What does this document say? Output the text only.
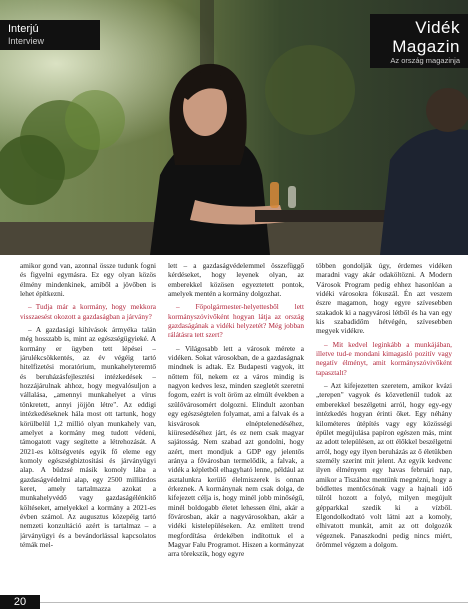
Interjú
Interview
Vidék
Magazin
Az ország magazinja

amikor gond van, azonnal össze tudunk fogni és figyelni egymásra. Ez egy olyan közös élmény mindenkinek, amiből a jövőben is lehet építkezni.

– Tudja már a kormány, hogy mekkora visszaesést okozott a gazdaságban a járvány?

– A gazdasági kihívások ármyéka talán még hosszabb is, mint az egészségügyieké. A kormány er ügyben tett lépései – járulékcsökkentés, az év végéig tartó hitelfizetési moratórium, munkahelyteremtő és beruházásfejlesztési intézkedések – hozzájárulnak ahhoz, hogy megvalósuljon a vállalása, „amennyi munkahelyet a vírus tönkretett, annyi jöjjön létre". Az eddigi intézkedéseknek hála most ott tartunk, hogy körülbelül 1,2 millió olyan munkahely van, amelyet a kormány meg tudott védeni, támogatott vagy segítette a létrehozását. A 2021-es költségvetés egyik fő eleme egy komoly egészségbiztosítási és járványügyi alap. A büdzsé másik komoly lába a gazdaságvédelmi alap, egy 2500 milliárdos keret, amely tartalmazza azokat a munkahelyvédő vagy gazdaságélénkítő költéseket, amelyekkel a kormány a 2021-es évben számol. Az augusztus közepéig tartó nemzeti konzultáció azért is tartalmaz – a járványügyi és a bevándorlással kapcsolatos témák mel-

lett – a gazdaságvédelemmel összefüggő kérdéseket, hogy leyenek olyan, az emberekkel közösen egyeztetett pontok, amelyek mentén a kormány dolgozhat.

– Főpolgármester-helyettesből lett kormányszóvivőként hogyan látja az ország gazdaságának a vidéki helyzetét? Még jobban rálátásra tett szert?

– Világosabb lett a városok mérete a vidéken. Sokat városokban, de a gazdaságnak mindnek is adtak. Ez Budapesti vagyok, itt nőttem föl, nekem ez a város mindig is nagyon kedves lesz, minden szegletét szeretni fogom, ezért is volt öröm az elmúlt években a szülővárosomért dolgozni. Elindult azonban egy egészségtelen folyamat, ami a falvak és a kisvárosok elnéptelenedéséhez, kiüresedéséhez járt, és ez nem csak magyar sajátosság. Nem szabad azt gondolni, hogy azért, mert mondjuk a GDP egy jelentős aránya a fővárosban termelődik, a falvak, a vidék a képletből elhagyható lenne, például az asztalunkra kerülő élelmiszerek is onnan érkeznek. A kormánynak nem csak dolga, de kifejezett célja is, hogy minél jobb minőségű, minél boldogabb életet lehessen élni, akár a fővárosban, akár a nagyvárosokban, akár a vidéki kistelepüléseken. Az említett trend megfordítása érdekében indítottuk el a Magyar Falu Programot. Hiszen a kormányzat arra törekszik, hogy egyre

többen gondolják úgy, érdemes vidéken maradni vagy akár odaköltözni. A Modern Városok Program pedig ehhez hasonlóan a vidéki városokra fókuszál. Én azt veszem észre magamon, hogy egyre szívesebben szakadok ki a nagyvárosi létből és ha van egy kis szabadidőm hétvégén, szívesebben megyek vidékre.

– Mit kedvel leginkább a munkájában, illetve tud-e mondani kimagasló pozitív vagy negatív élményt, amit kormányszóvivőként tapasztalt?

– Azt kifejezetten szeretem, amikor kvázi „terepen" vagyok és közvetlenül tudok az emberekkel beszélgetni arról, hogy egy-egy intézkedés hogyan érinti őket. Egy néhány kilométeres útépítés vagy egy közösségi épület megújulása papíron egészen más, mint az adott településen, az ott élőkkel beszélgetni arról, hogy egy ilyen beruházás az ő életükben személy szerint mit jelent. Az egyik kedvenc ilyen élményem egy havas februári nap, amikor a Tiszához mentünk megnézni, hogy a bódlettes mentőcsónak vagy a hajnali idő túlról hozott a folyó, milyen megújult gépparkkal szedik ki a vízből. Elgondolkodtató volt látni azt a komoly, elhivatott munkát, amit az ott dolgozók végeznek. Panaszkodni pedig nincs miért, örömmel végzem a dolgom.

20
